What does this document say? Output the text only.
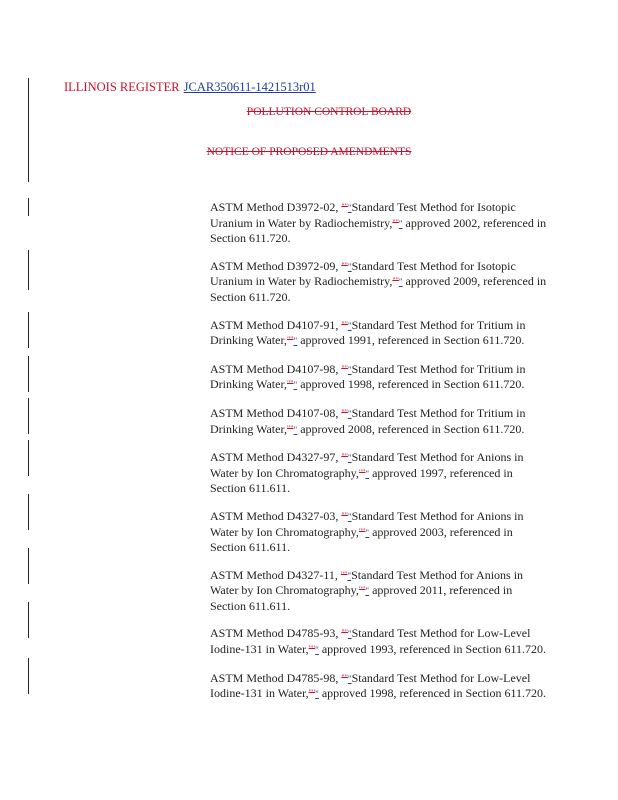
ILLINOIS REGISTER JCAR350611-1421513r01
POLLUTION CONTROL BOARD
NOTICE OF PROPOSED AMENDMENTS
ASTM Method D3972-02, """Standard Test Method for Isotopic Uranium in Water by Radiochemistry,""" approved 2002, referenced in Section 611.720.
ASTM Method D3972-09, """Standard Test Method for Isotopic Uranium in Water by Radiochemistry,""" approved 2009, referenced in Section 611.720.
ASTM Method D4107-91, """Standard Test Method for Tritium in Drinking Water,""" approved 1991, referenced in Section 611.720.
ASTM Method D4107-98, """Standard Test Method for Tritium in Drinking Water,""" approved 1998, referenced in Section 611.720.
ASTM Method D4107-08, """Standard Test Method for Tritium in Drinking Water,""" approved 2008, referenced in Section 611.720.
ASTM Method D4327-97, """Standard Test Method for Anions in Water by Ion Chromatography,""" approved 1997, referenced in Section 611.611.
ASTM Method D4327-03, """Standard Test Method for Anions in Water by Ion Chromatography,""" approved 2003, referenced in Section 611.611.
ASTM Method D4327-11, """Standard Test Method for Anions in Water by Ion Chromatography,""" approved 2011, referenced in Section 611.611.
ASTM Method D4785-93, """Standard Test Method for Low-Level Iodine-131 in Water,""" approved 1993, referenced in Section 611.720.
ASTM Method D4785-98, """Standard Test Method for Low-Level Iodine-131 in Water,""" approved 1998, referenced in Section 611.720.
